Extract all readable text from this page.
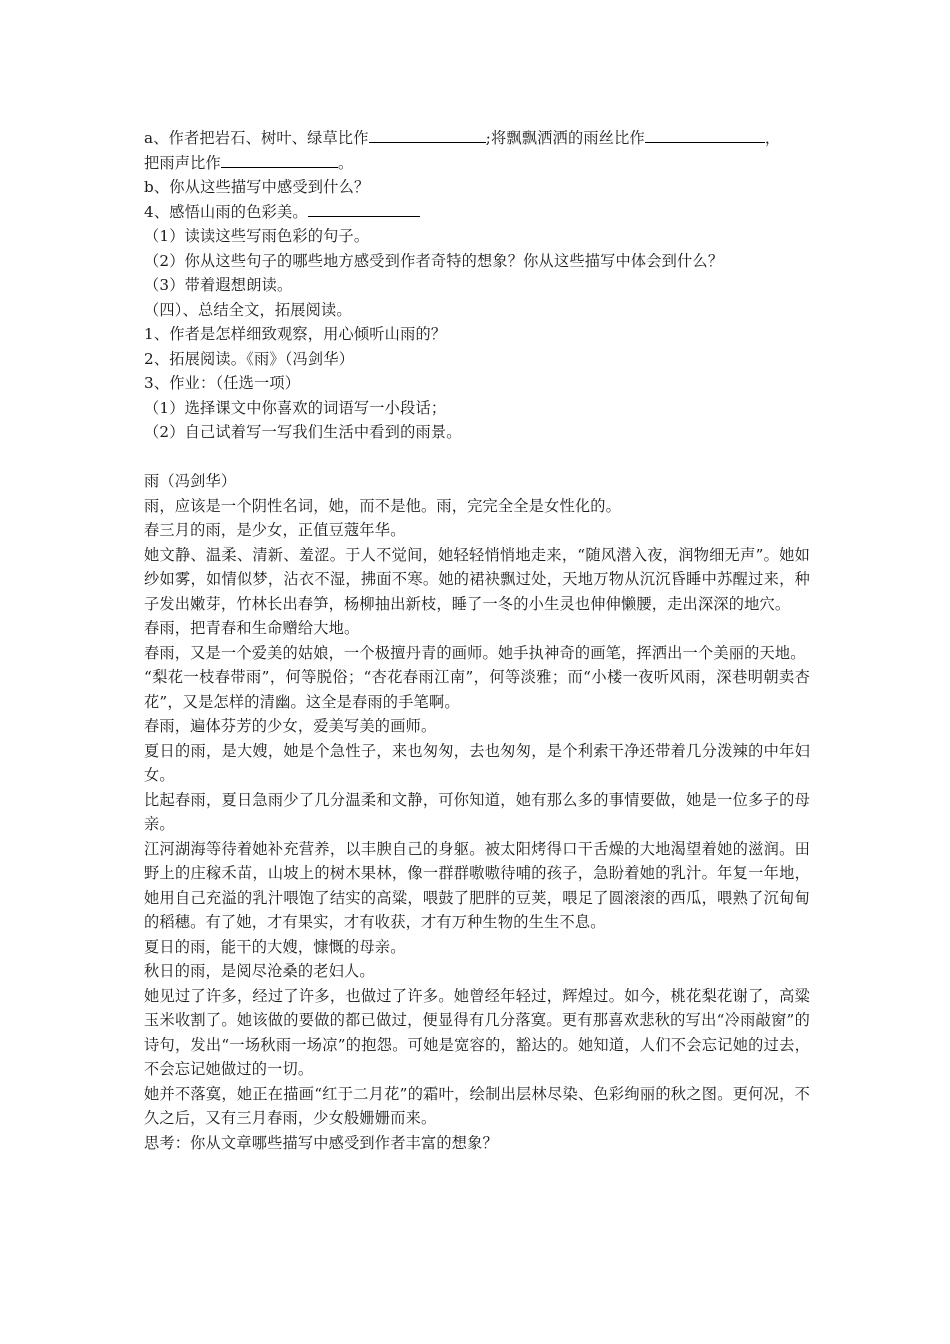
a、作者把岩石、树叶、绿草比作	;将飘飘洒洒的雨丝比作	，
把雨声比作	。

b、你从这些描写中感受到什么？

4、感悟山雨的色彩美。

（1）读读这些写雨色彩的句子。

（2）你从这些句子的哪些地方感受到作者奇特的想象？你从这些描写中体会到什么？

（3）带着遐想朗读。

（四）、总结全文，拓展阅读。

1、作者是怎样细致观察，用心倾听山雨的？

2、拓展阅读。《雨》（冯剑华）

3、作业：（任选一项）

（1）选择课文中你喜欢的词语写一小段话；

（2）自己试着写一写我们生活中看到的雨景。

雨（冯剑华）

雨，应该是一个阴性名词，她，而不是他。雨，完完全全是女性化的。

春三月的雨，是少女，正值豆蔻年华。

她文静、温柔、清新、羞涩。于人不觉间，她轻轻悄悄地走来，“随风潜入夜，润物细无声”。她如纱如雾，如情似梦，沾衣不湿，拂面不寒。她的裙袂飘过处，天地万物从沉沉昏睡中苏醒过来，种子发出嫩芽，竹林长出春笋，杨柳抽出新枝，睡了一冬的小生灵也伸伸懒腰，走出深深的地穴。

春雨，把青春和生命赠给大地。

春雨，又是一个爱美的姑娘，一个极擅丹青的画师。她手执神奇的画笔，挥洒出一个美丽的天地。

“梨花一枝春带雨”，何等脱俗；“杏花春雨江南”，何等淡雅；而“小楼一夜听风雨，深巷明朝卖杏花”，又是怎样的清幽。这全是春雨的手笔啊。

春雨，遍体芬芳的少女，爱美写美的画师。

夏日的雨，是大嫂，她是个急性子，来也匆匆，去也匆匆，是个利索干净还带着几分泼辣的中年妇女。

比起春雨，夏日急雨少了几分温柔和文静，可你知道，她有那么多的事情要做，她是一位多子的母亲。

江河湖海等待着她补充营养，以丰腴自己的身躯。被太阳烤得口干舌燥的大地渴望着她的滋润。田野上的庄稼禾苗，山坡上的树木果林，像一群群嗷嗷待哺的孩子，急盼着她的乳汁。年复一年地，她用自己充溢的乳汁喂饱了结实的高粱，喂鼓了肥胖的豆荚，喂足了圆滚滚的西瓜，喂熟了沉甸甸的稻穗。有了她，才有果实，才有收获，才有万种生物的生生不息。

夏日的雨，能干的大嫂，慷慨的母亲。

秋日的雨，是阅尽沧桑的老妇人。

她见过了许多，经过了许多，也做过了许多。她曾经年轻过，辉煌过。如今，桃花梨花谢了，高粱玉米收割了。她该做的要做的都已做过，便显得有几分落寞。更有那喜欢悲秋的写出“冷雨敲窗”的诗句，发出“一场秋雨一场凉”的抱怨。可她是宽容的，豁达的。她知道，人们不会忘记她的过去，不会忘记她做过的一切。

她并不落寞，她正在描画“红于二月花”的霜叶，绘制出层林尽染、色彩绚丽的秋之图。更何况，不久之后，又有三月春雨，少女般姗姗而来。

思考：你从文章哪些描写中感受到作者丰富的想象？
